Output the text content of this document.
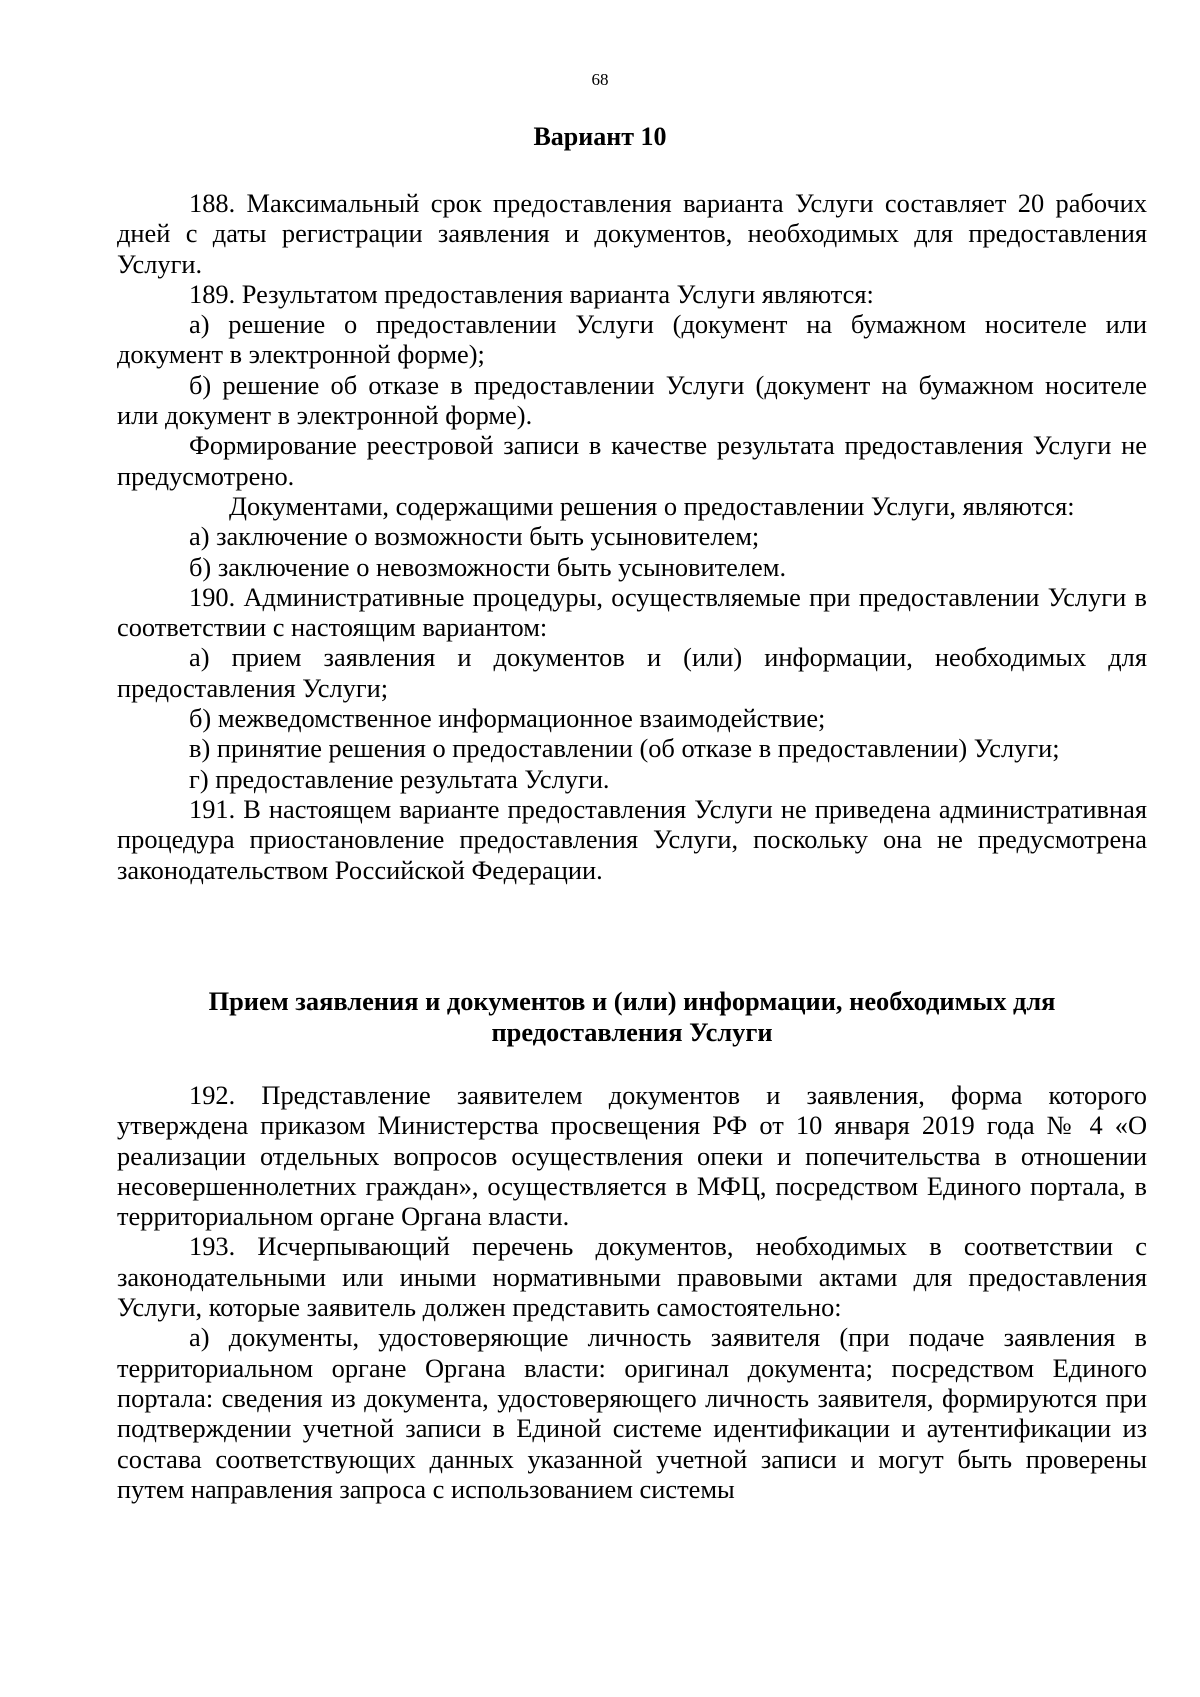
68
Вариант 10

188. Максимальный срок предоставления варианта Услуги составляет 20 рабочих дней с даты регистрации заявления и документов, необходимых для предоставления Услуги.

189. Результатом предоставления варианта Услуги являются:

а) решение о предоставлении Услуги (документ на бумажном носителе или документ в электронной форме);

б) решение об отказе в предоставлении Услуги (документ на бумажном носителе или документ в электронной форме).

Формирование реестровой записи в качестве результата предоставления Услуги не предусмотрено.

Документами, содержащими решения о предоставлении Услуги, являются:

а) заключение о возможности быть усыновителем;

б) заключение о невозможности быть усыновителем.

190. Административные процедуры, осуществляемые при предоставлении Услуги в соответствии с настоящим вариантом:

а) прием заявления и документов и (или) информации, необходимых для предоставления Услуги;

б) межведомственное информационное взаимодействие;

в) принятие решения о предоставлении (об отказе в предоставлении) Услуги;

г) предоставление результата Услуги.

191. В настоящем варианте предоставления Услуги не приведена административная процедура приостановление предоставления Услуги, поскольку она не предусмотрена законодательством Российской Федерации.

Прием заявления и документов и (или) информации, необходимых для предоставления Услуги

192. Представление заявителем документов и заявления, форма которого утверждена приказом Министерства просвещения РФ от 10 января 2019 года № 4 «О реализации отдельных вопросов осуществления опеки и попечительства в отношении несовершеннолетних граждан», осуществляется в МФЦ, посредством Единого портала, в территориальном органе Органа власти.

193. Исчерпывающий перечень документов, необходимых в соответствии с законодательными или иными нормативными правовыми актами для предоставления Услуги, которые заявитель должен представить самостоятельно:

а) документы, удостоверяющие личность заявителя (при подаче заявления в территориальном органе Органа власти: оригинал документа; посредством Единого портала: сведения из документа, удостоверяющего личность заявителя, формируются при подтверждении учетной записи в Единой системе идентификации и аутентификации из состава соответствующих данных указанной учетной записи и могут быть проверены путем направления запроса с использованием системы
